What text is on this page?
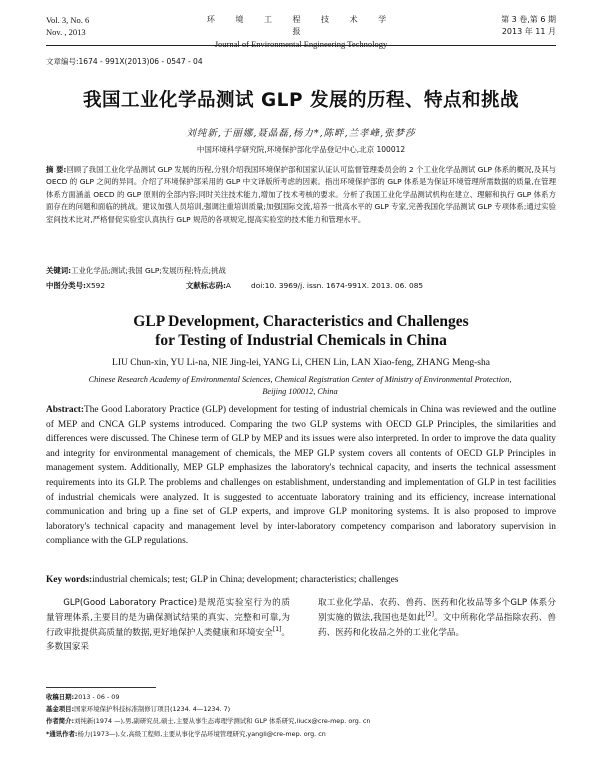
Vol. 3, No. 6
Nov. , 2013
环 境 工 程 技 术 学 报
Journal of Environmental Engineering Technology
第 3 卷,第 6 期
2013 年 11 月
文章编号:1674 - 991X(2013)06 - 0547 - 04
我国工业化学品测试 GLP 发展的历程、特点和挑战
刘纯新,于丽娜,聂晶磊,杨力*,陈畔,兰孝峰,张梦莎
中国环境科学研究院,环境保护部化学品登记中心,北京 100012
摘 要:回顾了我国工业化学品测试 GLP 发展的历程,分别介绍我国环境保护部和国家认证认可监督管理委员会的 2 个工业化学品测试 GLP 体系的概况,及其与 OECD 的 GLP 之间的异同。介绍了环境保护部采用的 GLP 中文译版所考虑的因素。指出环境保护部的 GLP 体系是为保证环境管理所需数据的质量,在管理体系方面涵盖 OECD 的 GLP 原则的全部内容;同时关注技术能力,增加了技术考核的要求。分析了我国工业化学品测试机构在建立、理解和执行 GLP 体系方面存在的问题和面临的挑战。建议加强人员培训,强调注重培训质量;加强国际交流,培养一批高水平的 GLP 专家,完善我国化学品测试 GLP 专项体系;通过实验室间技术比对,严格督促实验室认真执行 GLP 规范的各项规定,提高实验室的技术能力和管理水平。
关键词:工业化学品;测试;我国 GLP;发展历程;特点;挑战
中图分类号:X592	文献标志码:A	doi:10. 3969/j. issn. 1674-991X. 2013. 06. 085
GLP Development, Characteristics and Challenges
for Testing of Industrial Chemicals in China
LIU Chun-xin, YU Li-na, NIE Jing-lei, YANG Li, CHEN Lin, LAN Xiao-feng, ZHANG Meng-sha
Chinese Research Academy of Environmental Sciences, Chemical Registration Center of Ministry of Environmental Protection, Beijing 100012, China
Abstract:The Good Laboratory Practice (GLP) development for testing of industrial chemicals in China was reviewed and the outline of MEP and CNCA GLP systems introduced. Comparing the two GLP systems with OECD GLP Principles, the similarities and differences were discussed. The Chinese term of GLP by MEP and its issues were also interpreted. In order to improve the data quality and integrity for environmental management of chemicals, the MEP GLP system covers all contents of OECD GLP Principles in management system. Additionally, MEP GLP emphasizes the laboratory's technical capacity, and inserts the technical assessment requirements into its GLP. The problems and challenges on establishment, understanding and implementation of GLP in test facilities of industrial chemicals were analyzed. It is suggested to accentuate laboratory training and its efficiency, increase international communication and bring up a fine set of GLP experts, and improve GLP monitoring systems. It is also proposed to improve laboratory's technical capacity and management level by inter-laboratory competency comparison and laboratory supervision in compliance with the GLP regulations.
Key words:industrial chemicals; test; GLP in China; development; characteristics; challenges
GLP(Good Laboratory Practice)是规范实验室行为的质量管理体系,主要目的是为确保测试结果的真实、完整和可靠,为行政审批提供高质量的数据,更好地保护人类健康和环境安全[1]。多数国家采
取工业化学品、农药、兽药、医药和化妆品等多个GLP 体系分别实施的做法,我国也是如此[2]。文中所称化学品指除农药、兽药、医药和化妆品之外的工业化学品。
收稿日期:2013 - 06 - 09
基金项目:国家环境保护科技标准制修订项目(1234. 4—1234. 7)
作者简介:刘纯新(1974 —),男,副研究员,硕士,主要从事生态毒理学测试和 GLP 体系研究,liucx@cre-mep. org. cn
*通讯作者:杨力(1973—),女,高级工程师,主要从事化学品环境管理研究,yangli@cre-mep. org. cn
